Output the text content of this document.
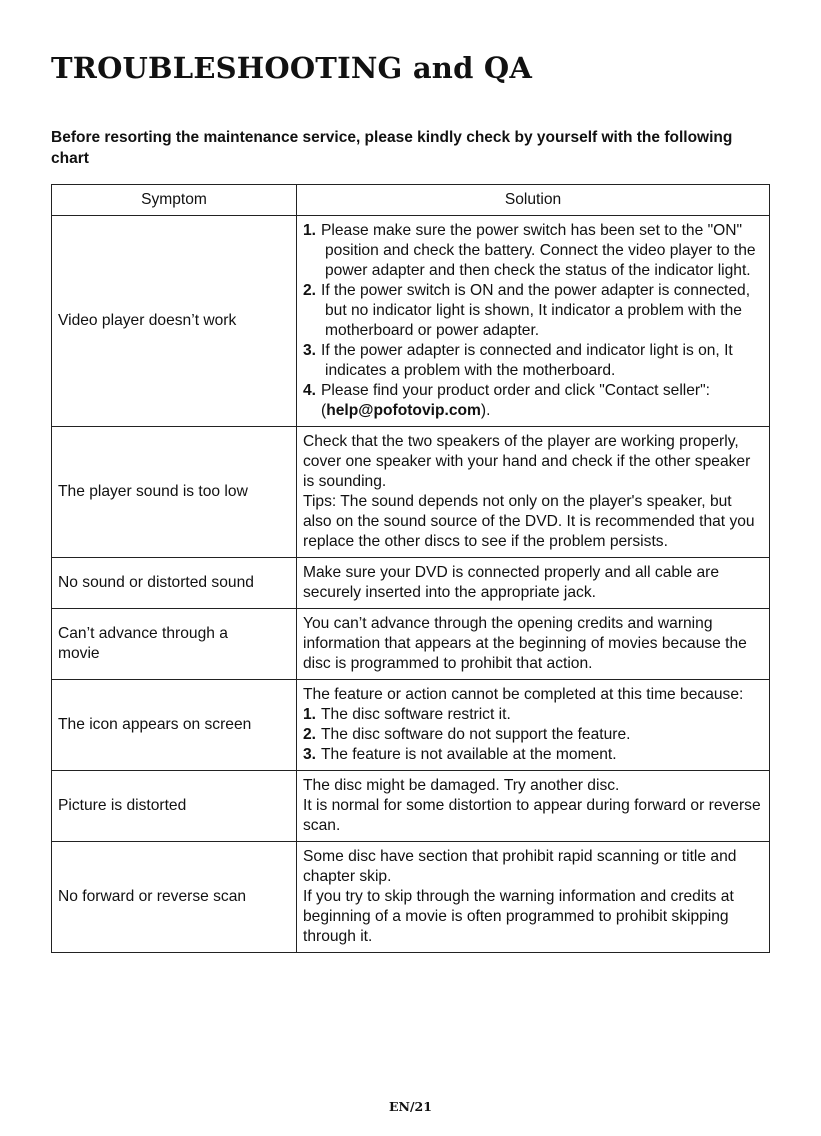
TROUBLESHOOTING and QA

Before resorting the maintenance service, please kindly check by yourself with the following chart

Symptom	Solution
Video player doesn’t work	1. Please make sure the power switch has been set to the "ON" position and check the battery. Connect the video player to the power adapter and then check the status of the indicator light.
2. If the power switch is ON and the power adapter is connected, but no indicator light is shown, It indicator a problem with the motherboard or power adapter.
3. If the power adapter is connected and indicator light is on, It indicates a problem with the motherboard.
4. Please find your product order and click "Contact seller":
(help@pofotovip.com).

The player sound is too low	Check that the two speakers of the player are working properly, cover one speaker with your hand and check if the other speaker is sounding.
Tips: The sound depends not only on the player's speaker, but also on the sound source of the DVD. It is recommended that you replace the other discs to see if the problem persists.

No sound or distorted sound	Make sure your DVD is connected properly and all cable are securely inserted into the appropriate jack.

Can’t advance through a movie	You can’t advance through the opening credits and warning information that appears at the beginning of movies because the disc is programmed to prohibit that action.

The icon appears on screen	The feature or action cannot be completed at this time because:
1. The disc software restrict it.
2. The disc software do not support the feature.
3. The feature is not available at the moment.

Picture is distorted	The disc might be damaged. Try another disc.
It is normal for some distortion to appear during forward or reverse scan.

No forward or reverse scan	Some disc have section that prohibit rapid scanning or title and chapter skip.
If you try to skip through the warning information and credits at beginning of a movie is often programmed to prohibit skipping through it.
EN/21
